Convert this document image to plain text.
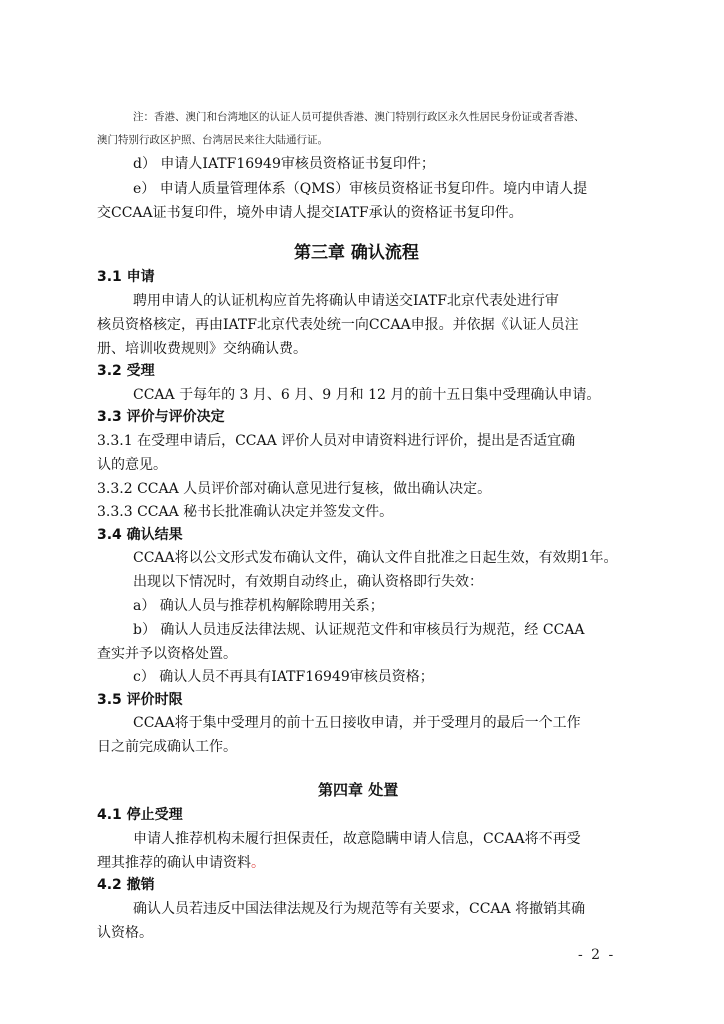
注：香港、澳门和台湾地区的认证人员可提供香港、澳门特别行政区永久性居民身份证或者香港、
澳门特别行政区护照、台湾居民来往大陆通行证。
d） 申请人IATF16949审核员资格证书复印件；
e） 申请人质量管理体系（QMS）审核员资格证书复印件。境内申请人提
交CCAA证书复印件，境外申请人提交IATF承认的资格证书复印件。
第三章 确认流程
3.1 申请
聘用申请人的认证机构应首先将确认申请送交IATF北京代表处进行审
核员资格核定，再由IATF北京代表处统一向CCAA申报。并依据《认证人员注
册、培训收费规则》交纳确认费。
3.2 受理
CCAA 于每年的 3 月、6 月、9 月和 12 月的前十五日集中受理确认申请。
3.3 评价与评价决定
3.3.1 在受理申请后，CCAA 评价人员对申请资料进行评价，提出是否适宜确
认的意见。
3.3.2 CCAA 人员评价部对确认意见进行复核，做出确认决定。
3.3.3 CCAA 秘书长批准确认决定并签发文件。
3.4 确认结果
CCAA将以公文形式发布确认文件，确认文件自批准之日起生效，有效期1年。
出现以下情况时，有效期自动终止，确认资格即行失效：
a） 确认人员与推荐机构解除聘用关系；
b） 确认人员违反法律法规、认证规范文件和审核员行为规范，经 CCAA
查实并予以资格处置。
c） 确认人员不再具有IATF16949审核员资格；
3.5 评价时限
CCAA将于集中受理月的前十五日接收申请，并于受理月的最后一个工作
日之前完成确认工作。
第四章 处置
4.1 停止受理
申请人推荐机构未履行担保责任，故意隐瞒申请人信息，CCAA将不再受
理其推荐的确认申请资料。
4.2 撤销
确认人员若违反中国法律法规及行为规范等有关要求，CCAA 将撤销其确
认资格。
- 2 -
